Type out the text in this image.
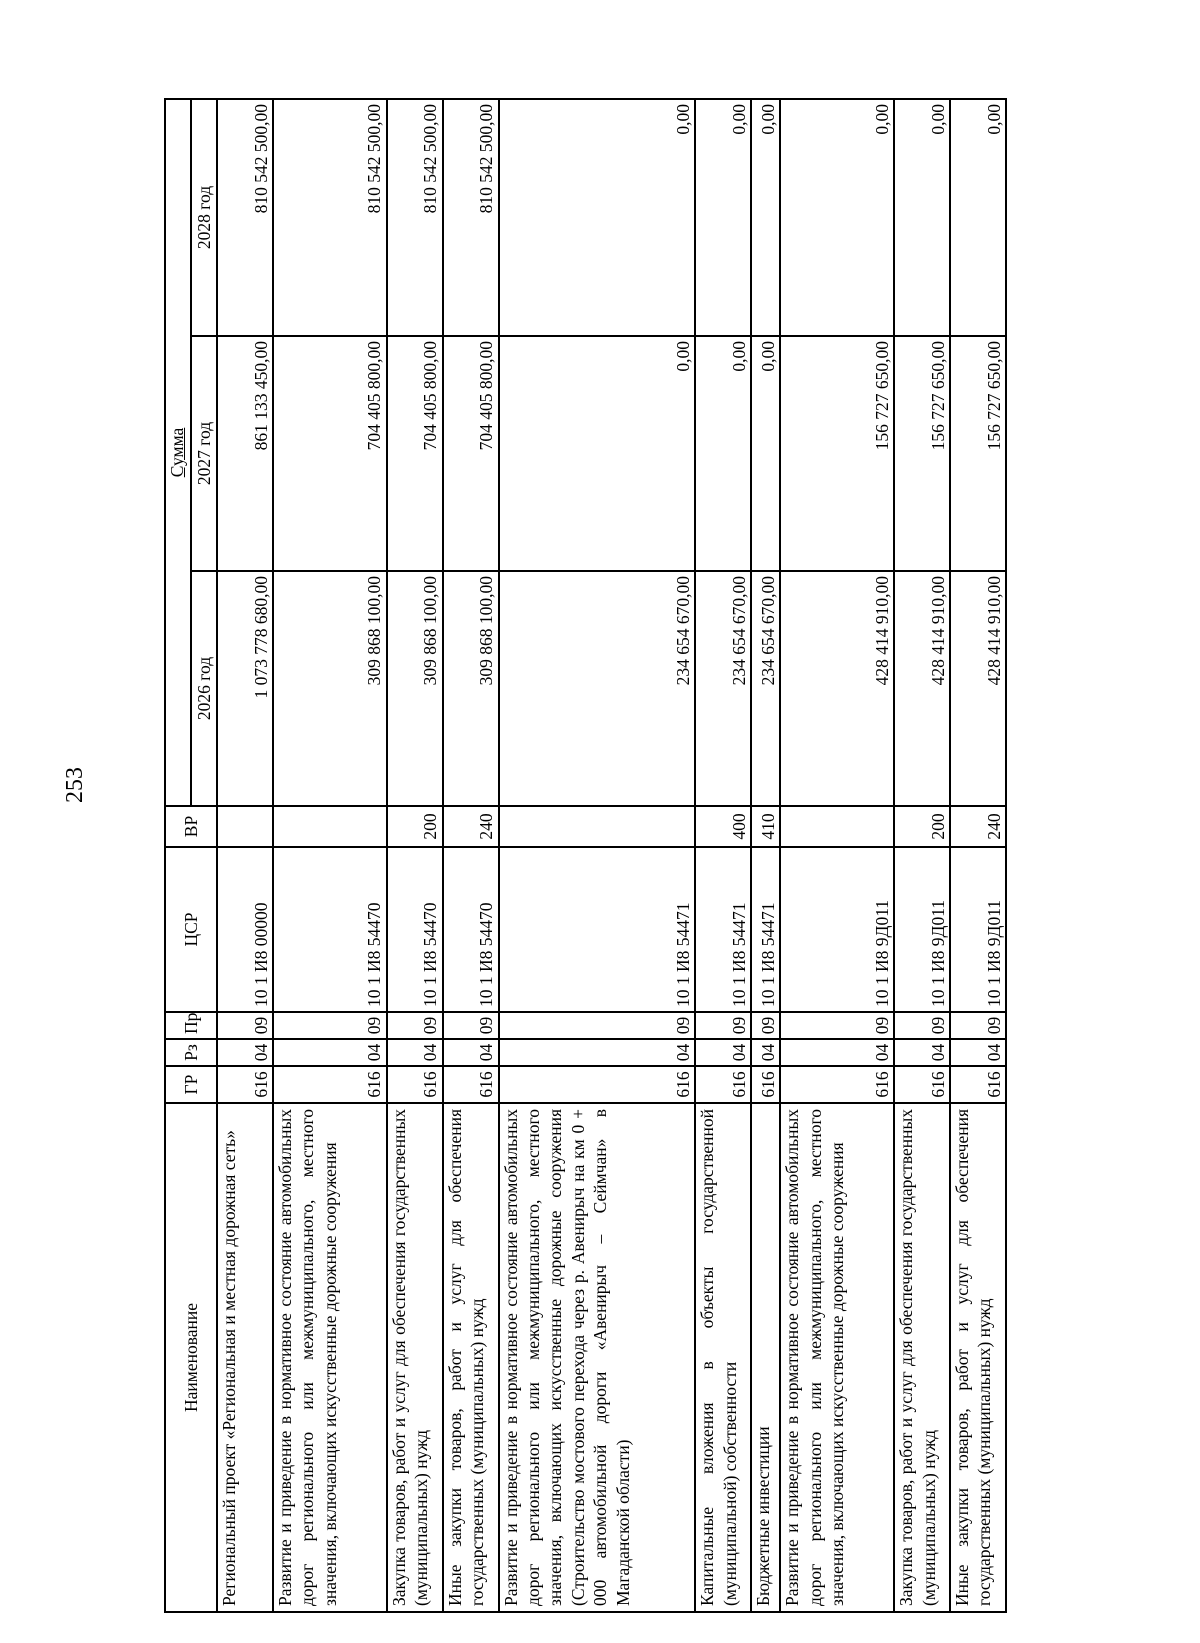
253
Наименование	ГР	Рз	Пр	ЦСР	ВР	Сумма		
						2026 год	2027 год	2028 год
Региональный проект «Региональная и местная дорожная сеть»	616	04	09	10 1 И8 00000		1 073 778 680,00	861 133 450,00	810 542 500,00
Развитие и приведение в нормативное состояние автомобильных дорог регионального или межмуниципального, местного значения, включающих искусственные дорожные сооружения	616	04	09	10 1 И8 54470		309 868 100,00	704 405 800,00	810 542 500,00
Закупка товаров, работ и услуг для обеспечения государственных (муниципальных) нужд	616	04	09	10 1 И8 54470	200	309 868 100,00	704 405 800,00	810 542 500,00
Иные закупки товаров, работ и услуг для обеспечения государственных (муниципальных) нужд	616	04	09	10 1 И8 54470	240	309 868 100,00	704 405 800,00	810 542 500,00
Развитие и приведение в нормативное состояние автомобильных дорог регионального или межмуниципального, местного значения, включающих искусственные дорожные сооружения (Строительство мостового перехода через р. Авенирыч на км 0 + 000 автомобильной дороги «Авенирыч – Сеймчан» в Магаданской области)	616	04	09	10 1 И8 54471		234 654 670,00	0,00	0,00
Капитальные вложения в объекты государственной (муниципальной) собственности	616	04	09	10 1 И8 54471	400	234 654 670,00	0,00	0,00
Бюджетные инвестиции	616	04	09	10 1 И8 54471	410	234 654 670,00	0,00	0,00
Развитие и приведение в нормативное состояние автомобильных дорог регионального или межмуниципального, местного значения, включающих искусственные дорожные сооружения	616	04	09	10 1 И8 9Д011		428 414 910,00	156 727 650,00	0,00
Закупка товаров, работ и услуг для обеспечения государственных (муниципальных) нужд	616	04	09	10 1 И8 9Д011	200	428 414 910,00	156 727 650,00	0,00
Иные закупки товаров, работ и услуг для обеспечения государственных (муниципальных) нужд	616	04	09	10 1 И8 9Д011	240	428 414 910,00	156 727 650,00	0,00
